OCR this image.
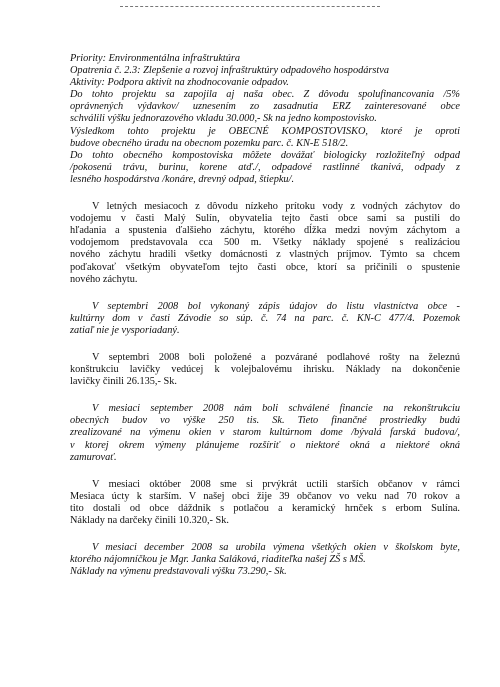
Priority: Environmentálna infraštruktúra
Opatrenia č. 2.3: Zlepšenie a rozvoj infraštruktúry odpadového hospodárstva
Aktivity: Podpora aktivít na zhodnocovanie odpadov.
Do tohto projektu sa zapojila aj naša obec. Z dôvodu spolufinancovania /5%
oprávnených výdavkov/ uznesením zo zasadnutia ERZ zainteresované obce
schválili výšku jednorazového vkladu 30.000,- Sk na jedno kompostovisko.
Výsledkom tohto projektu je OBECNÉ KOMPOSTOVISKO, ktoré je oproti
budove obecného úradu na obecnom pozemku parc. č. KN-E 518/2.
Do tohto obecného kompostoviska môžete dovážať biologicky rozložiteľný odpad
/pokosenú trávu, burinu, korene atď./, odpadové rastlinné tkanivá, odpady z
lesného hospodárstva /konáre, drevný odpad, štiepku/.
V letných mesiacoch z dôvodu nízkeho prítoku vody z vodných záchytov do
vodojemu v časti Malý Sulín, obyvatelia tejto časti obce sami sa pustili do
hľadania a spustenia ďalšieho záchytu, ktorého dĺžka medzi novým záchytom a
vodojemom predstavovala cca 500 m. Všetky náklady spojené s realizáciou
nového záchytu hradili všetky domácnosti z vlastných príjmov. Týmto sa chcem
poďakovať všetkým obyvateľom tejto časti obce, ktorí sa pričinili o spustenie
nového záchytu.
V septembri 2008 bol vykonaný zápis údajov do listu vlastníctva obce -
kultúrny dom v časti Závodie so súp. č. 74 na parc. č. KN-C 477/4. Pozemok
zatiaľ nie je vysporiadaný.
V septembri 2008 boli položené a pozvárané podlahové rošty na železnú
konštrukciu lavičky vedúcej k volejbalovému ihrisku. Náklady na dokončenie
lavičky činili 26.135,- Sk.
V mesiaci september 2008 nám boli schválené financie na rekonštrukciu
obecných budov vo výške 250 tis. Sk. Tieto finančné prostriedky budú
zrealizované na výmenu okien v starom kultúrnom dome /bývalá farská budova/,
v ktorej okrem výmeny plánujeme rozšíriť o niektoré okná a niektoré okná
zamurovať.
V mesiaci október 2008 sme si prvýkrát uctili starších občanov v rámci
Mesiaca úcty k starším. V našej obci žije 39 občanov vo veku nad 70 rokov a
tito dostali od obce dáždnik s potlačou a keramický hrnček s erbom Sulína.
Náklady na darčeky činili 10.320,- Sk.
V mesiaci december 2008 sa urobila výmena všetkých okien v školskom byte,
ktorého nájomníčkou je Mgr. Janka Saláková, riaditeľka našej ZŠ s MŠ.
Náklady na výmenu predstavovali výšku 73.290,- Sk.
